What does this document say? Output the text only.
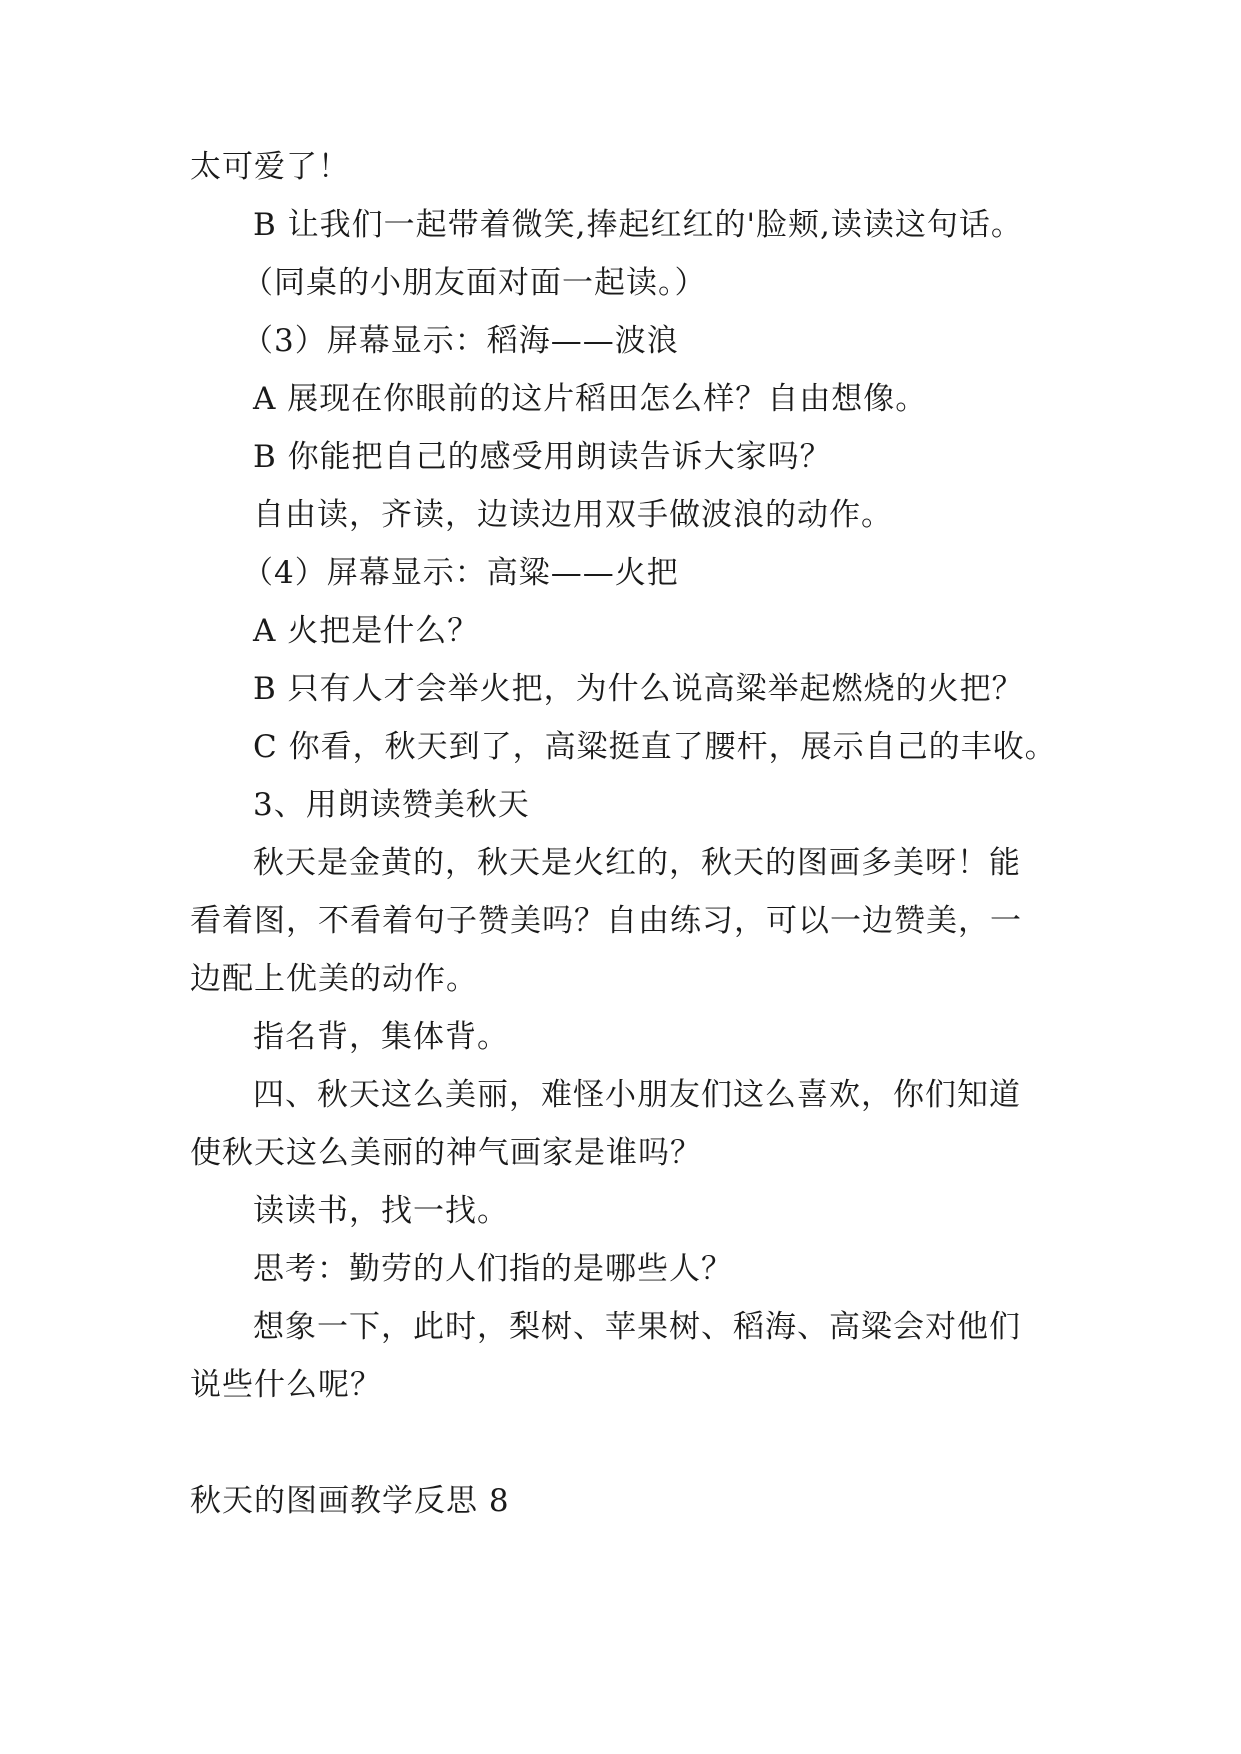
太可爱了！

B 让我们一起带着微笑,捧起红红的'脸颊,读读这句话。

（同桌的小朋友面对面一起读。）

（3）屏幕显示：稻海——波浪

A 展现在你眼前的这片稻田怎么样？自由想像。

B 你能把自己的感受用朗读告诉大家吗？

自由读，齐读，边读边用双手做波浪的动作。

（4）屏幕显示：高粱——火把

A 火把是什么？

B 只有人才会举火把，为什么说高粱举起燃烧的火把？

C 你看，秋天到了，高粱挺直了腰杆，展示自己的丰收。

3、用朗读赞美秋天

秋天是金黄的，秋天是火红的，秋天的图画多美呀！能

看着图，不看着句子赞美吗？自由练习，可以一边赞美，一

边配上优美的动作。

指名背，集体背。

四、秋天这么美丽，难怪小朋友们这么喜欢，你们知道

使秋天这么美丽的神气画家是谁吗？

读读书，找一找。

思考：勤劳的人们指的是哪些人？

想象一下，此时，梨树、苹果树、稻海、高粱会对他们

说些什么呢？

秋天的图画教学反思 8
